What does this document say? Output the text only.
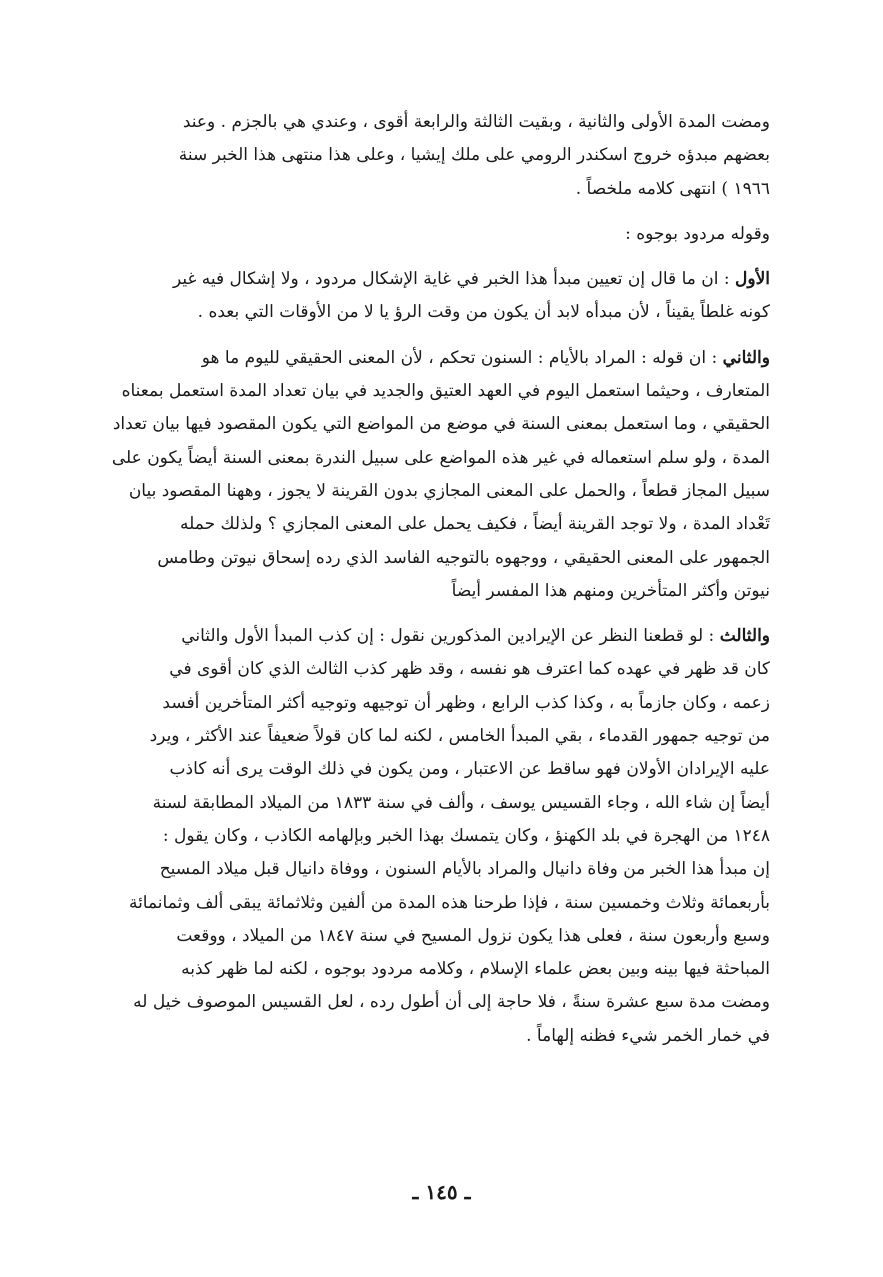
ومضت المدة الأولى والثانية ، وبقيت الثالثة والرابعة أقوى ، وعندي هي بالجزم . وعند
بعضهم مبدؤه خروج اسكندر الرومي على ملك إيشيا ، وعلى هذا منتهى هذا الخبر سنة
١٩٦٦ ) انتهى كلامه ملخصاً .
وقوله مردود بوجوه :
الأول : ان ما قال إن تعيين مبدأ هذا الخبر في غاية الإشكال مردود ، ولا إشكال فيه غير
كونه غلطاً يقيناً ، لأن مبدأه لابد أن يكون من وقت الرؤ يا لا من الأوقات التي بعده .
والثاني : ان قوله : المراد بالأيام : السنون تحكم ، لأن المعنى الحقيقي لليوم ما هو
المتعارف ، وحيثما استعمل اليوم في العهد العتيق والجديد في بيان تعداد المدة استعمل بمعناه
الحقيقي ، وما استعمل بمعنى السنة في موضع من المواضع التي يكون المقصود فيها بيان تعداد
المدة ، ولو سلم استعماله في غير هذه المواضع على سبيل الندرة بمعنى السنة أيضاً يكون على
سبيل المجاز قطعاً ، والحمل على المعنى المجازي بدون القرينة لا يجوز ، وههنا المقصود بيان
تَعْداد المدة ، ولا توجد القرينة أيضاً ، فكيف يحمل على المعنى المجازي ؟ ولذلك حمله
الجمهور على المعنى الحقيقي ، ووجهوه بالتوجيه الفاسد الذي رده إسحاق نيوتن وطامس
نيوتن وأكثر المتأخرين ومنهم هذا المفسر أيضاً
والثالث : لو قطعنا النظر عن الإيرادين المذكورين نقول : إن كذب المبدأ الأول والثاني
كان قد ظهر في عهده كما اعترف هو نفسه ، وقد ظهر كذب الثالث الذي كان أقوى في
زعمه ، وكان جازماً به ، وكذا كذب الرابع ، وظهر أن توجيهه وتوجيه أكثر المتأخرين أفسد
من توجيه جمهور القدماء ، بقي المبدأ الخامس ، لكنه لما كان قولاً ضعيفاً عند الأكثر ، ويرد
عليه الإيرادان الأولان فهو ساقط عن الاعتبار ، ومن يكون في ذلك الوقت يرى أنه كاذب
أيضاً إن شاء الله ، وجاء القسيس يوسف ، وألف في سنة ١٨٣٣ من الميلاد المطابقة لسنة
١٢٤٨ من الهجرة في بلد الكهنؤ ، وكان يتمسك بهذا الخبر وبإلهامه الكاذب ، وكان يقول :
إن مبدأ هذا الخبر من وفاة دانيال والمراد بالأيام السنون ، ووفاة دانيال قبل ميلاد المسيح
بأربعمائة وثلاث وخمسين سنة ، فإذا طرحنا هذه المدة من ألفين وثلاثمائة يبقى ألف وثمانمائة
وسبع وأربعون سنة ، فعلى هذا يكون نزول المسيح في سنة ١٨٤٧ من الميلاد ، ووقعت
المباحثة فيها بينه وبين بعض علماء الإسلام ، وكلامه مردود بوجوه ، لكنه لما ظهر كذبه
ومضت مدة سبع عشرة سنةً ، فلا حاجة إلى أن أطول رده ، لعل القسيس الموصوف خيل له
في خمار الخمر شيء فظنه إلهاماً .
ـ ١٤٥ ـ
